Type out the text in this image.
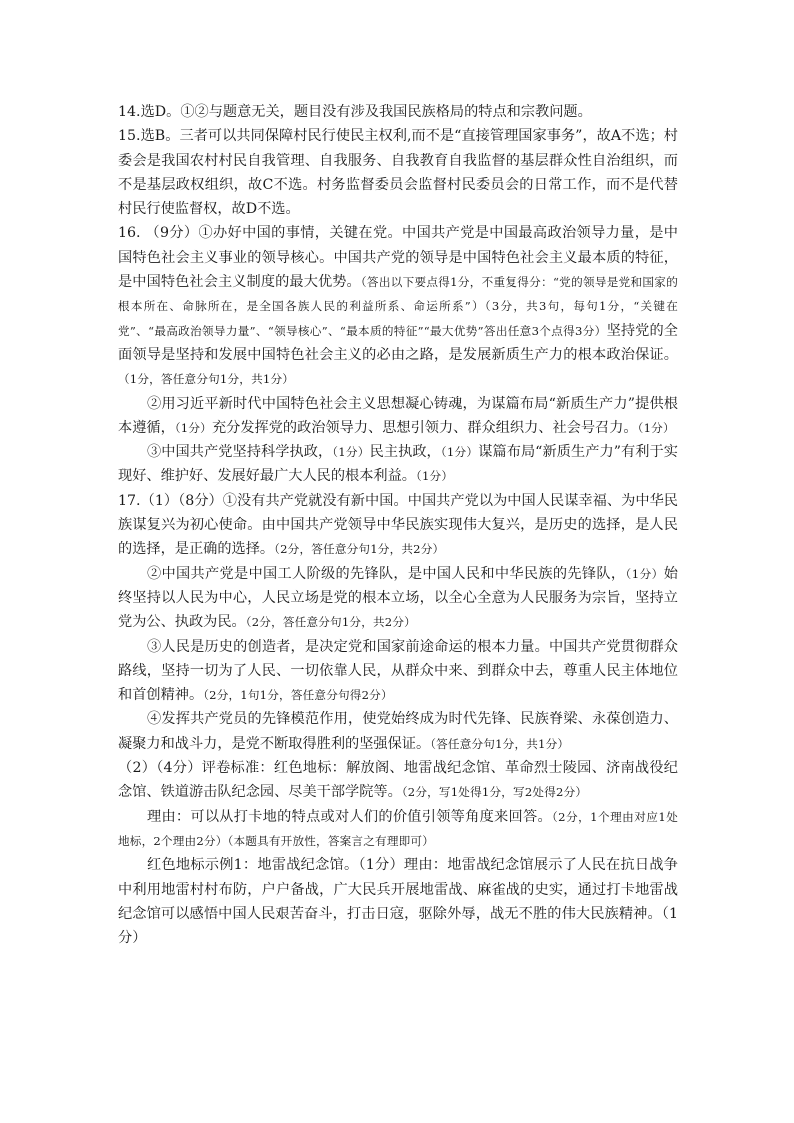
14.选D。①②与题意无关，题目没有涉及我国民族格局的特点和宗教问题。

15.选B。三者可以共同保障村民行使民主权利,而不是“直接管理国家事务”，故A不选；村委会是我国农村村民自我管理、自我服务、自我教育自我监督的基层群众性自治组织，而不是基层政权组织，故C不选。村务监督委员会监督村民委员会的日常工作，而不是代替村民行使监督权，故D不选。

16. （9分）①办好中国的事情，关键在党。中国共产党是中国最高政治领导力量，是中国特色社会主义事业的领导核心。中国共产党的领导是中国特色社会主义最本质的特征，是中国特色社会主义制度的最大优势。（答出以下要点得1分，不重复得分：“党的领导是党和国家的根本所在、命脉所在，是全国各族人民的利益所系、命运所系”）（3分，共3句，每句1分，“关键在党”、“最高政治领导力量”、“领导核心”、“最本质的特征”“最大优势”答出任意3个点得3分）坚持党的全面领导是坚持和发展中国特色社会主义的必由之路，是发展新质生产力的根本政治保证。（1分，答任意分句1分，共1分）

②用习近平新时代中国特色社会主义思想凝心铸魂，为谋篇布局“新质生产力”提供根本遵循，（1分）充分发挥党的政治领导力、思想引领力、群众组织力、社会号召力。（1分）

③中国共产党坚持科学执政，（1分）民主执政，（1分）谋篇布局“新质生产力”有利于实现好、维护好、发展好最广大人民的根本利益。（1分）

17.（1）（8分）①没有共产党就没有新中国。中国共产党以为中国人民谋幸福、为中华民族谋复兴为初心使命。由中国共产党领导中华民族实现伟大复兴，是历史的选择，是人民的选择，是正确的选择。（2分，答任意分句1分，共2分）

②中国共产党是中国工人阶级的先锋队，是中国人民和中华民族的先锋队，（1分）始终坚持以人民为中心，人民立场是党的根本立场，以全心全意为人民服务为宗旨，坚持立党为公、执政为民。（2分，答任意分句1分，共2分）

③人民是历史的创造者，是决定党和国家前途命运的根本力量。中国共产党贯彻群众路线，坚持一切为了人民、一切依靠人民，从群众中来、到群众中去，尊重人民主体地位和首创精神。（2分，1句1分，答任意分句得2分）

④发挥共产党员的先锋模范作用，使党始终成为时代先锋、民族脊梁、永葆创造力、凝聚力和战斗力，是党不断取得胜利的坚强保证。（答任意分句1分，共1分）

（2）（4分）评卷标准：红色地标：解放阁、地雷战纪念馆、革命烈士陵园、济南战役纪念馆、铁道游击队纪念园、尽美干部学院等。（2分，写1处得1分，写2处得2分）

理由：可以从打卡地的特点或对人们的价值引领等角度来回答。（2分，1个理由对应1处地标，2个理由2分）（本题具有开放性，答案言之有理即可）

红色地标示例1：地雷战纪念馆。（1分）理由：地雷战纪念馆展示了人民在抗日战争中利用地雷村村布防，户户备战，广大民兵开展地雷战、麻雀战的史实，通过打卡地雷战纪念馆可以感悟中国人民艰苦奋斗，打击日寇，驱除外辱，战无不胜的伟大民族精神。（1分）
